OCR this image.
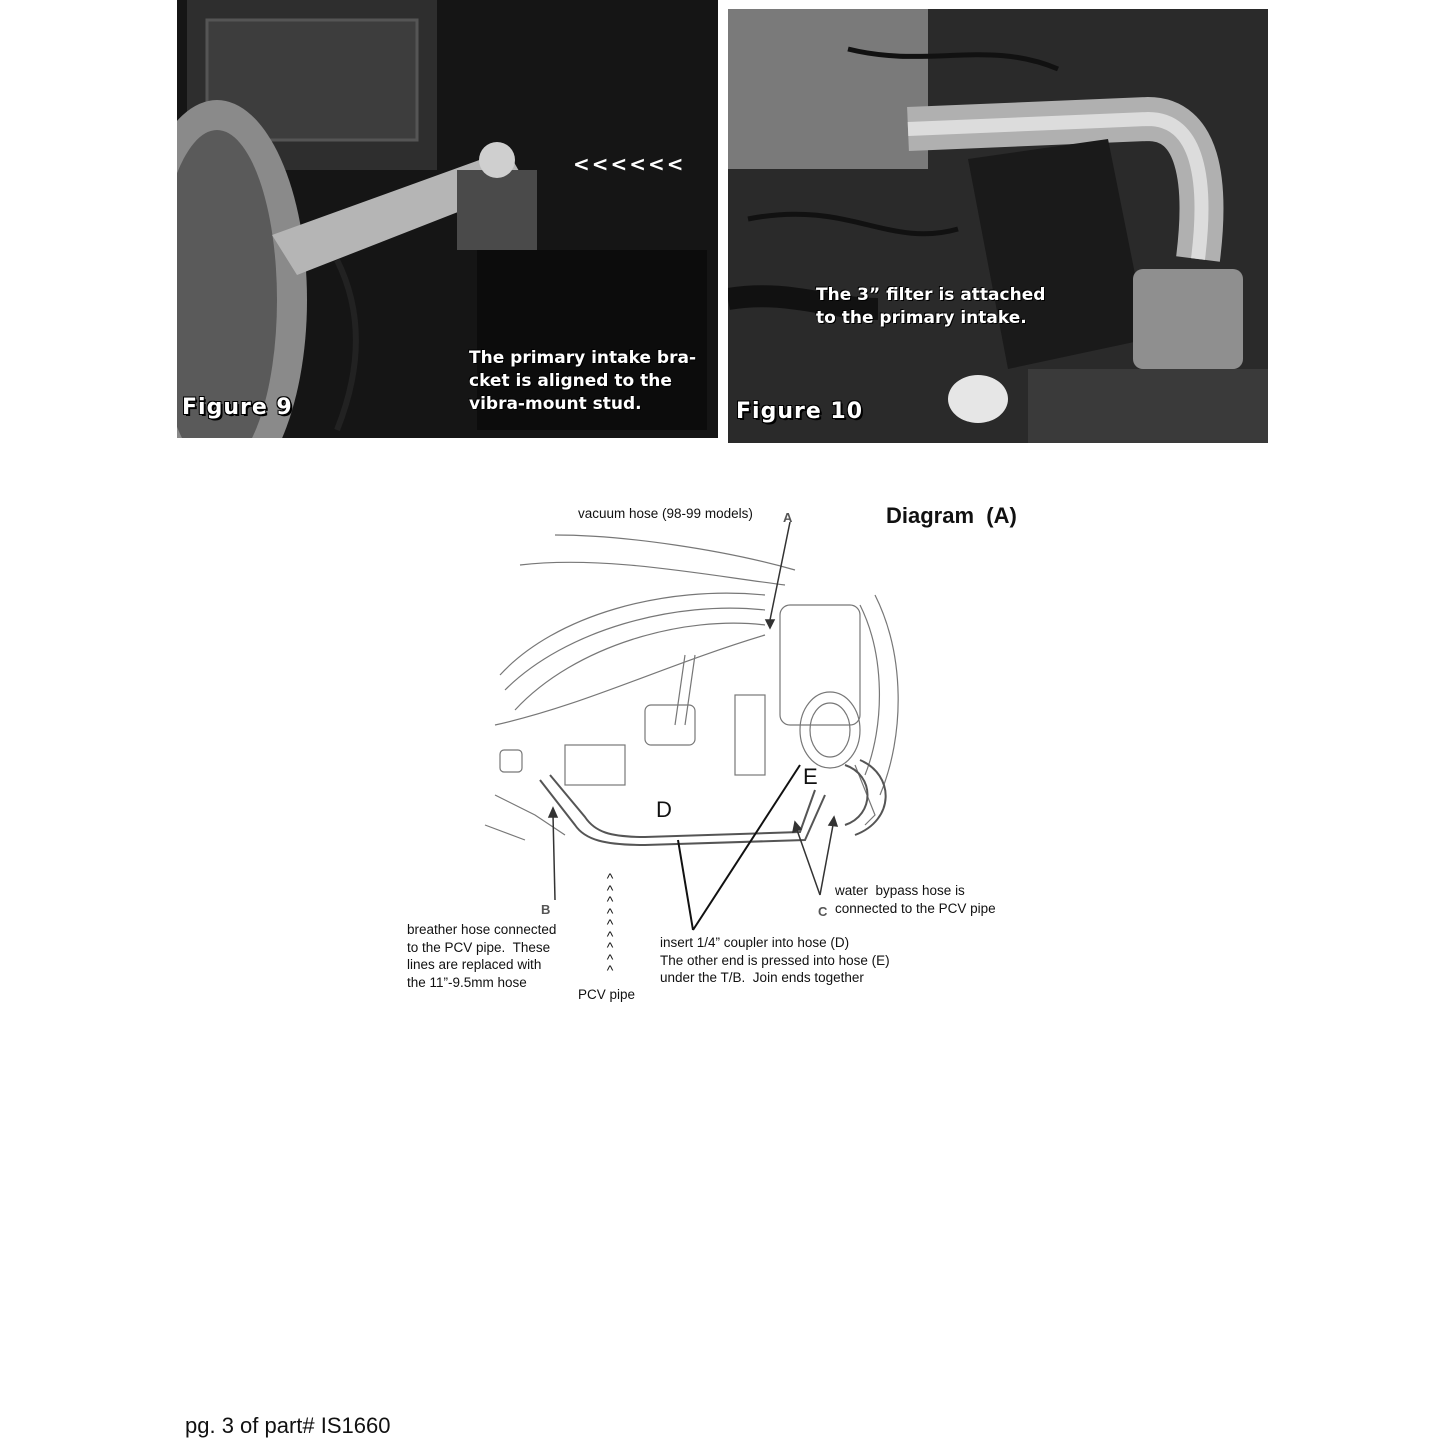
<<<<<<
The primary intake bra-
cket is aligned to the
vibra-mount stud.
Figure 9
The 3” filter is attached
to the primary intake.
Figure 10
vacuum hose (98-99 models) A	Diagram  (A)
E
D
B	C
water  bypass hose is
connected to the PCV pipe
breather hose connected
to the PCV pipe.  These
lines are replaced with
the 11”-9.5mm hose
^
^
^
^
^
^
^
^
^
PCV pipe
insert 1/4” coupler into hose (D)
The other end is pressed into hose (E)
under the T/B.  Join ends together
pg. 3 of part# IS1660
